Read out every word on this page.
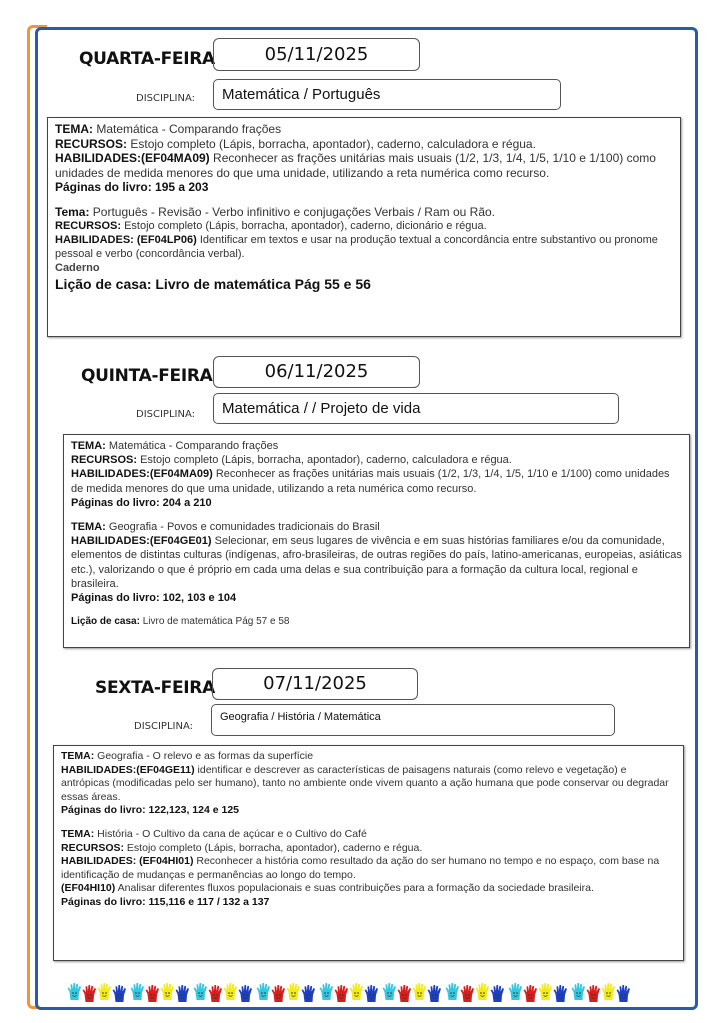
QUARTA-FEIRA	05/11/2025
DISCIPLINA:	Matemática / Português
TEMA: Matemática - Comparando frações
RECURSOS: Estojo completo (Lápis, borracha, apontador), caderno, calculadora e régua.
HABILIDADES:(EF04MA09) Reconhecer as frações unitárias mais usuais (1/2, 1/3, 1/4, 1/5, 1/10 e 1/100) como unidades de medida menores do que uma unidade, utilizando a reta numérica como recurso.
Páginas do livro: 195 a 203
Tema: Português - Revisão - Verbo infinitivo e conjugações Verbais / Ram ou Rão.
RECURSOS: Estojo completo (Lápis, borracha, apontador), caderno, dicionário e régua.
HABILIDADES: (EF04LP06) Identificar em textos e usar na produção textual a concordância entre substantivo ou pronome pessoal e verbo (concordância verbal).
Caderno
Lição de casa: Livro de matemática Pág 55 e 56
QUINTA-FEIRA	06/11/2025
DISCIPLINA:	Matemática / / Projeto de vida
TEMA: Matemática - Comparando frações
RECURSOS: Estojo completo (Lápis, borracha, apontador), caderno, calculadora e régua.
HABILIDADES:(EF04MA09) Reconhecer as frações unitárias mais usuais (1/2, 1/3, 1/4, 1/5, 1/10 e 1/100) como unidades de medida menores do que uma unidade, utilizando a reta numérica como recurso.
Páginas do livro: 204 a 210
TEMA: Geografia - Povos e comunidades tradicionais do Brasil
HABILIDADES:(EF04GE01) Selecionar, em seus lugares de vivência e em suas histórias familiares e/ou da comunidade, elementos de distintas culturas (indígenas, afro-brasileiras, de outras regiões do país, latino-americanas, europeias, asiáticas etc.), valorizando o que é próprio em cada uma delas e sua contribuição para a formação da cultura local, regional e brasileira.
Páginas do livro: 102, 103 e 104
Lição de casa: Livro de matemática Pág 57 e 58
SEXTA-FEIRA	07/11/2025
DISCIPLINA:
Geografia / História / Matemática
TEMA: Geografia - O relevo e as formas da superfície
HABILIDADES:(EF04GE11) identificar e descrever as características de paisagens naturais (como relevo e vegetação) e antrópicas (modificadas pelo ser humano), tanto no ambiente onde vivem quanto a ação humana que pode conservar ou degradar essas áreas.
Páginas do livro: 122,123, 124 e 125
TEMA: História - O Cultivo da cana de açúcar e o Cultivo do Café
RECURSOS: Estojo completo (Lápis, borracha, apontador), caderno e régua.
HABILIDADES: (EF04HI01) Reconhecer a história como resultado da ação do ser humano no tempo e no espaço, com base na identificação de mudanças e permanências ao longo do tempo.
(EF04HI10) Analisar diferentes fluxos populacionais e suas contribuições para a formação da sociedade brasileira.
Páginas do livro: 115,116 e 117 / 132 a 137
